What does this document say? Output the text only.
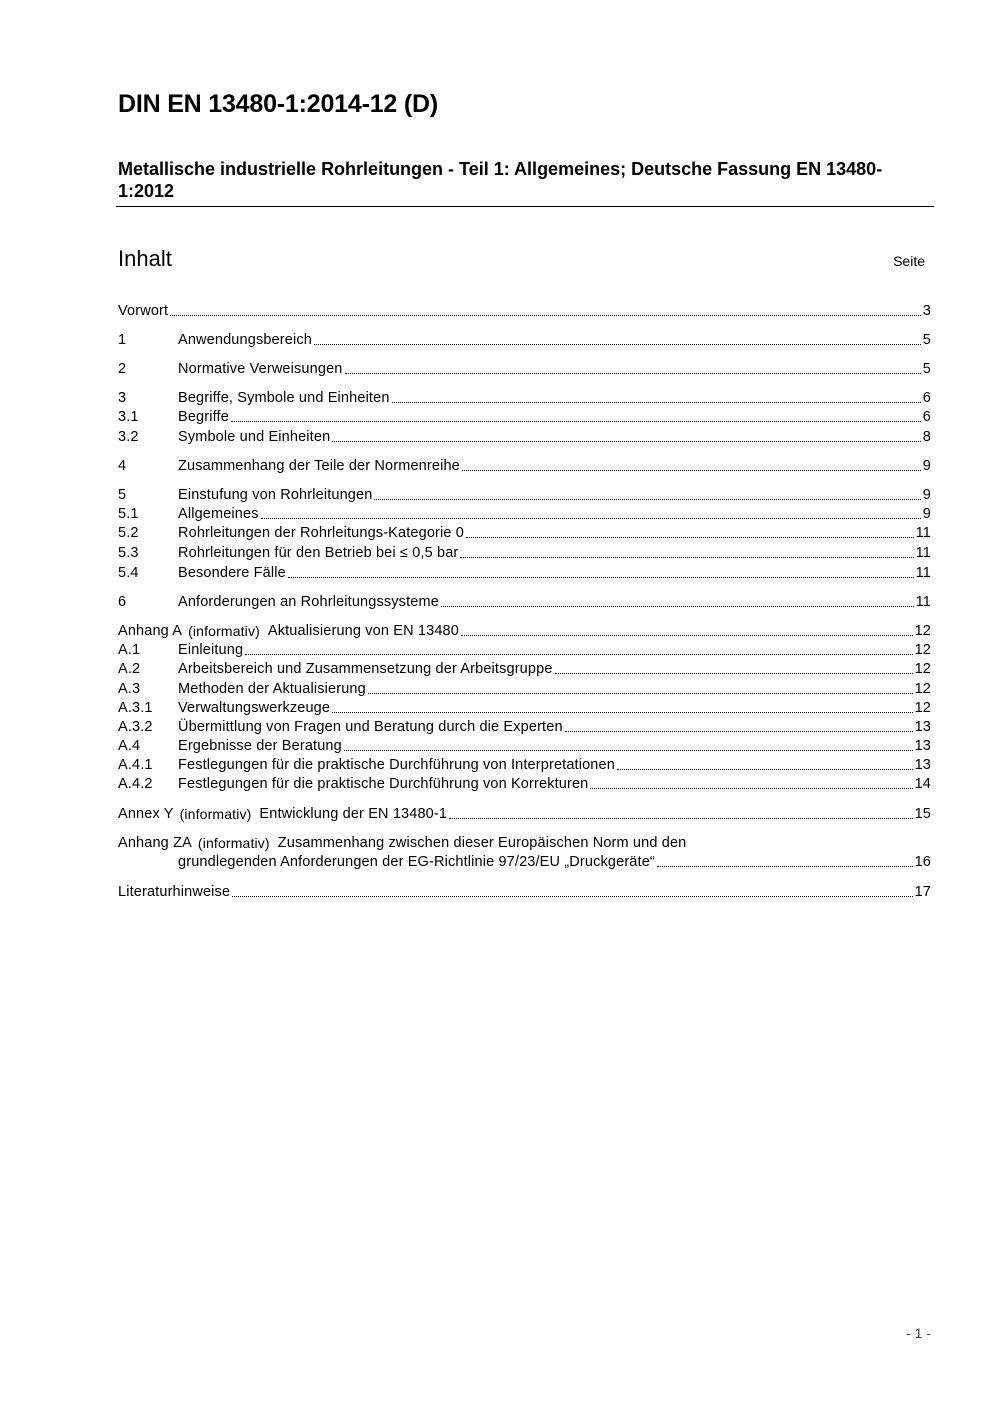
DIN EN 13480-1:2014-12 (D)
Metallische industrielle Rohrleitungen - Teil 1: Allgemeines; Deutsche Fassung EN 13480-1:2012
Inhalt	Seite
Vorwort	3
1	Anwendungsbereich	5
2	Normative Verweisungen	5
3	Begriffe, Symbole und Einheiten	6
3.1	Begriffe	6
3.2	Symbole und Einheiten	8
4	Zusammenhang der Teile der Normenreihe	9
5	Einstufung von Rohrleitungen	9
5.1	Allgemeines	9
5.2	Rohrleitungen der Rohrleitungs-Kategorie 0	11
5.3	Rohrleitungen für den Betrieb bei ≤ 0,5 bar	11
5.4	Besondere Fälle	11
6	Anforderungen an Rohrleitungssysteme	11
Anhang A (informativ) Aktualisierung von EN 13480	12
A.1	Einleitung	12
A.2	Arbeitsbereich und Zusammensetzung der Arbeitsgruppe	12
A.3	Methoden der Aktualisierung	12
A.3.1	Verwaltungswerkzeuge	12
A.3.2	Übermittlung von Fragen und Beratung durch die Experten	13
A.4	Ergebnisse der Beratung	13
A.4.1	Festlegungen für die praktische Durchführung von Interpretationen	13
A.4.2	Festlegungen für die praktische Durchführung von Korrekturen	14
Annex Y (informativ) Entwicklung der EN 13480-1	15
Anhang ZA (informativ) Zusammenhang zwischen dieser Europäischen Norm und den
grundlegenden Anforderungen der EG-Richtlinie 97/23/EU „Druckgeräte“	16
Literaturhinweise	17
- 1 -
